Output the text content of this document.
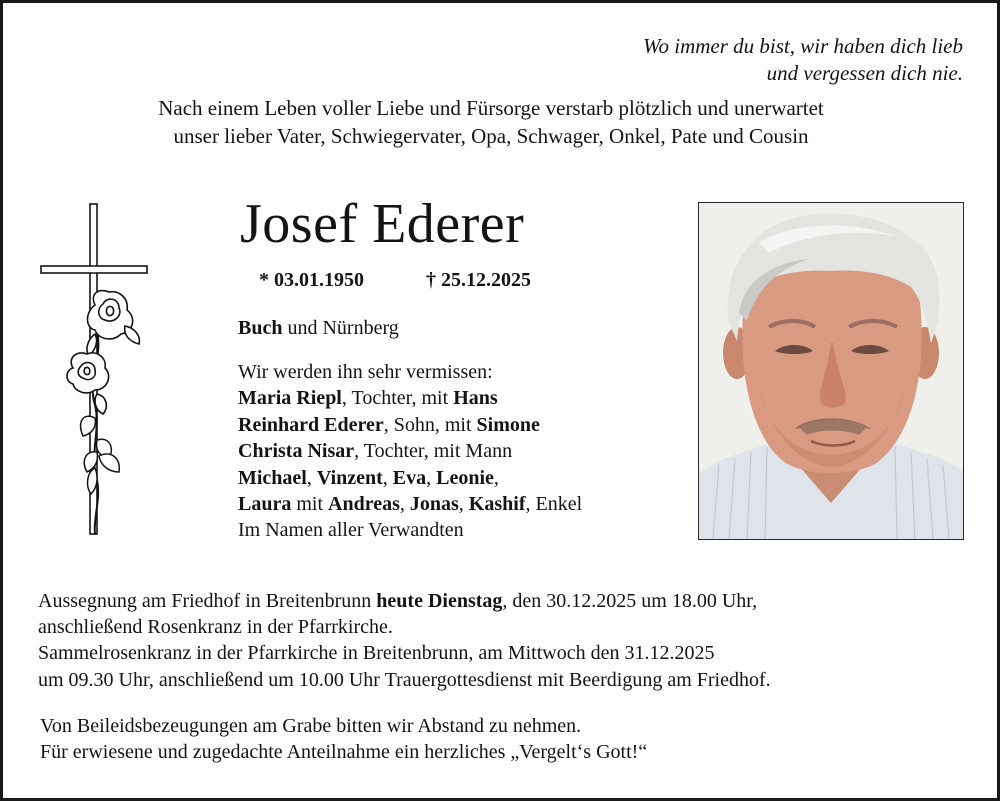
Wo immer du bist, wir haben dich lieb
und vergessen dich nie.
Nach einem Leben voller Liebe und Fürsorge verstarb plötzlich und unerwartet
unser lieber Vater, Schwiegervater, Opa, Schwager, Onkel, Pate und Cousin
Josef Ederer
* 03.01.1950	† 25.12.2025
Buch und Nürnberg
Wir werden ihn sehr vermissen:
Maria Riepl, Tochter, mit Hans
Reinhard Ederer, Sohn, mit Simone
Christa Nisar, Tochter, mit Mann
Michael, Vinzent, Eva, Leonie,
Laura mit Andreas, Jonas, Kashif, Enkel
Im Namen aller Verwandten
Aussegnung am Friedhof in Breitenbrunn heute Dienstag, den 30.12.2025 um 18.00 Uhr,
anschließend Rosenkranz in der Pfarrkirche.
Sammelrosenkranz in der Pfarrkirche in Breitenbrunn, am Mittwoch den 31.12.2025
um 09.30 Uhr, anschließend um 10.00 Uhr Trauergottesdienst mit Beerdigung am Friedhof.
Von Beileidsbezeugungen am Grabe bitten wir Abstand zu nehmen.
Für erwiesene und zugedachte Anteilnahme ein herzliches „Vergelt‘s Gott!“
